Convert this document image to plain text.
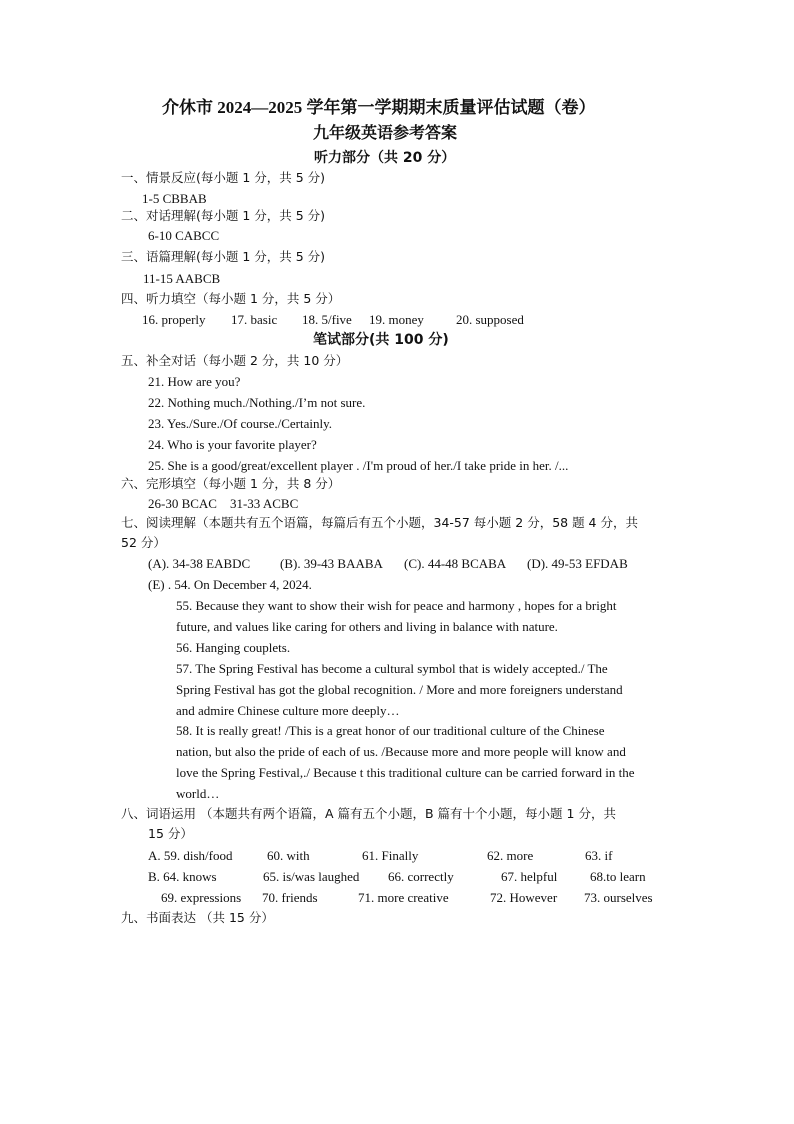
介休市 2024—2025 学年第一学期期末质量评估试题（卷）
九年级英语参考答案
听力部分（共 20 分）
一、情景反应(每小题 1 分，共 5 分)
1-5 CBBAB
二、对话理解(每小题 1 分，共 5 分)
6-10 CABCC
三、语篇理解(每小题 1 分，共 5 分)
11-15 AABCB
四、听力填空（每小题 1 分，共 5 分）
16. properly 17. basic 18. 5/five 19. money 20. supposed
笔试部分(共 100 分)
五、补全对话（每小题 2 分，共 10 分）
21. How are you?
22. Nothing much./Nothing./I’m not sure.
23. Yes./Sure./Of course./Certainly.
24. Who is your favorite player?
25. She is a good/great/excellent player . /I'm proud of her./I take pride in her. /...
六、完形填空（每小题 1 分，共 8 分）
26-30 BCAC    31-33 ACBC
七、阅读理解（本题共有五个语篇，每篇后有五个小题，34-57 每小题 2 分，58 题 4 分，共
52 分）
(A). 34-38 EABDC (B). 39-43 BAABA (C). 44-48 BCABA (D). 49-53 EFDAB
(E) . 54. On December 4, 2024.
55. Because they want to show their wish for peace and harmony , hopes for a bright
future, and values like caring for others and living in balance with nature.
56. Hanging couplets.
57. The Spring Festival has become a cultural symbol that is widely accepted./ The
Spring Festival has got the global recognition. / More and more foreigners understand
and admire Chinese culture more deeply…
58. It is really great! /This is a great honor of our traditional culture of the Chinese
nation, but also the pride of each of us. /Because more and more people will know and
love the Spring Festival,./ Because t this traditional culture can be carried forward in the
world…
八、词语运用 （本题共有两个语篇，A 篇有五个小题，B 篇有十个小题，每小题 1 分，共
15 分）
A. 59. dish/food	60. with	61. Finally	62. more	63. if
B. 64. knows	65. is/was laughed 66. correctly	67. helpful	68.to learn
69. expressions 70. friends	71. more creative	72. However 73. ourselves
九、书面表达 （共 15 分）
